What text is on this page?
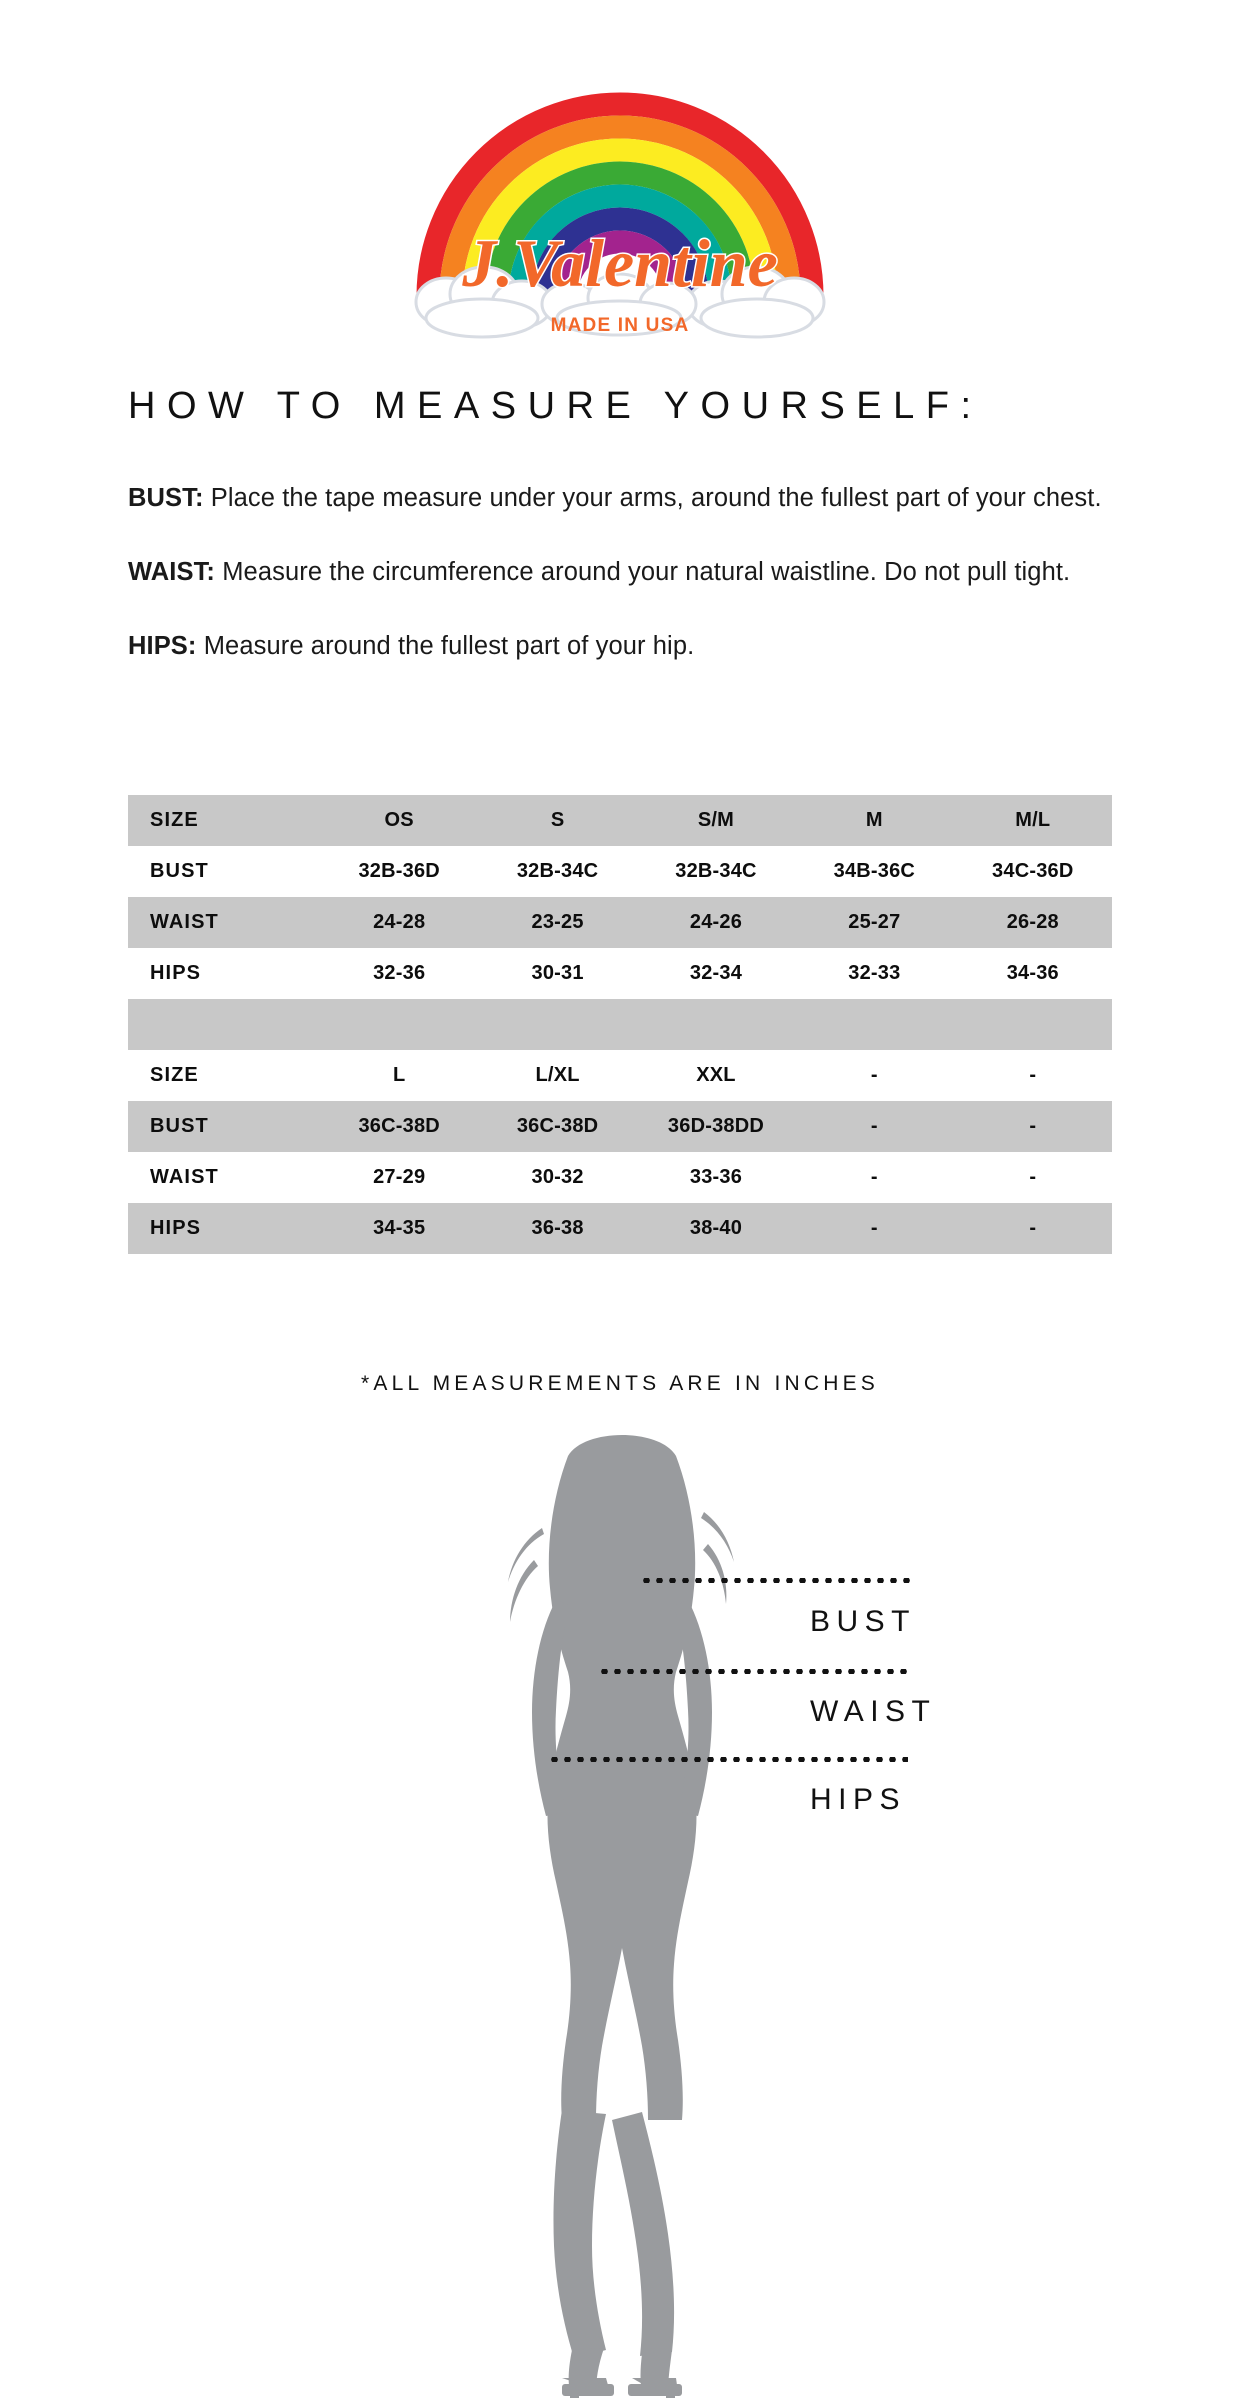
J.Valentine
MADE IN USA
HOW TO MEASURE YOURSELF:

BUST: Place the tape measure under your arms, around the fullest part of your chest.

WAIST: Measure the circumference around your natural waistline. Do not pull tight.

HIPS: Measure around the fullest part of your hip.

SIZE	OS	S	S/M	M	M/L
BUST	32B-36D	32B-34C	32B-34C	34B-36C	34C-36D
WAIST	24-28	23-25	24-26	25-27	26-28
HIPS	32-36	30-31	32-34	32-33	34-36

SIZE	L	L/XL	XXL	-	-
BUST	36C-38D	36C-38D	36D-38DD	-	-
WAIST	27-29	30-32	33-36	-	-
HIPS	34-35	36-38	38-40	-	-
*ALL MEASUREMENTS ARE IN INCHES
BUST
WAIST
HIPS
